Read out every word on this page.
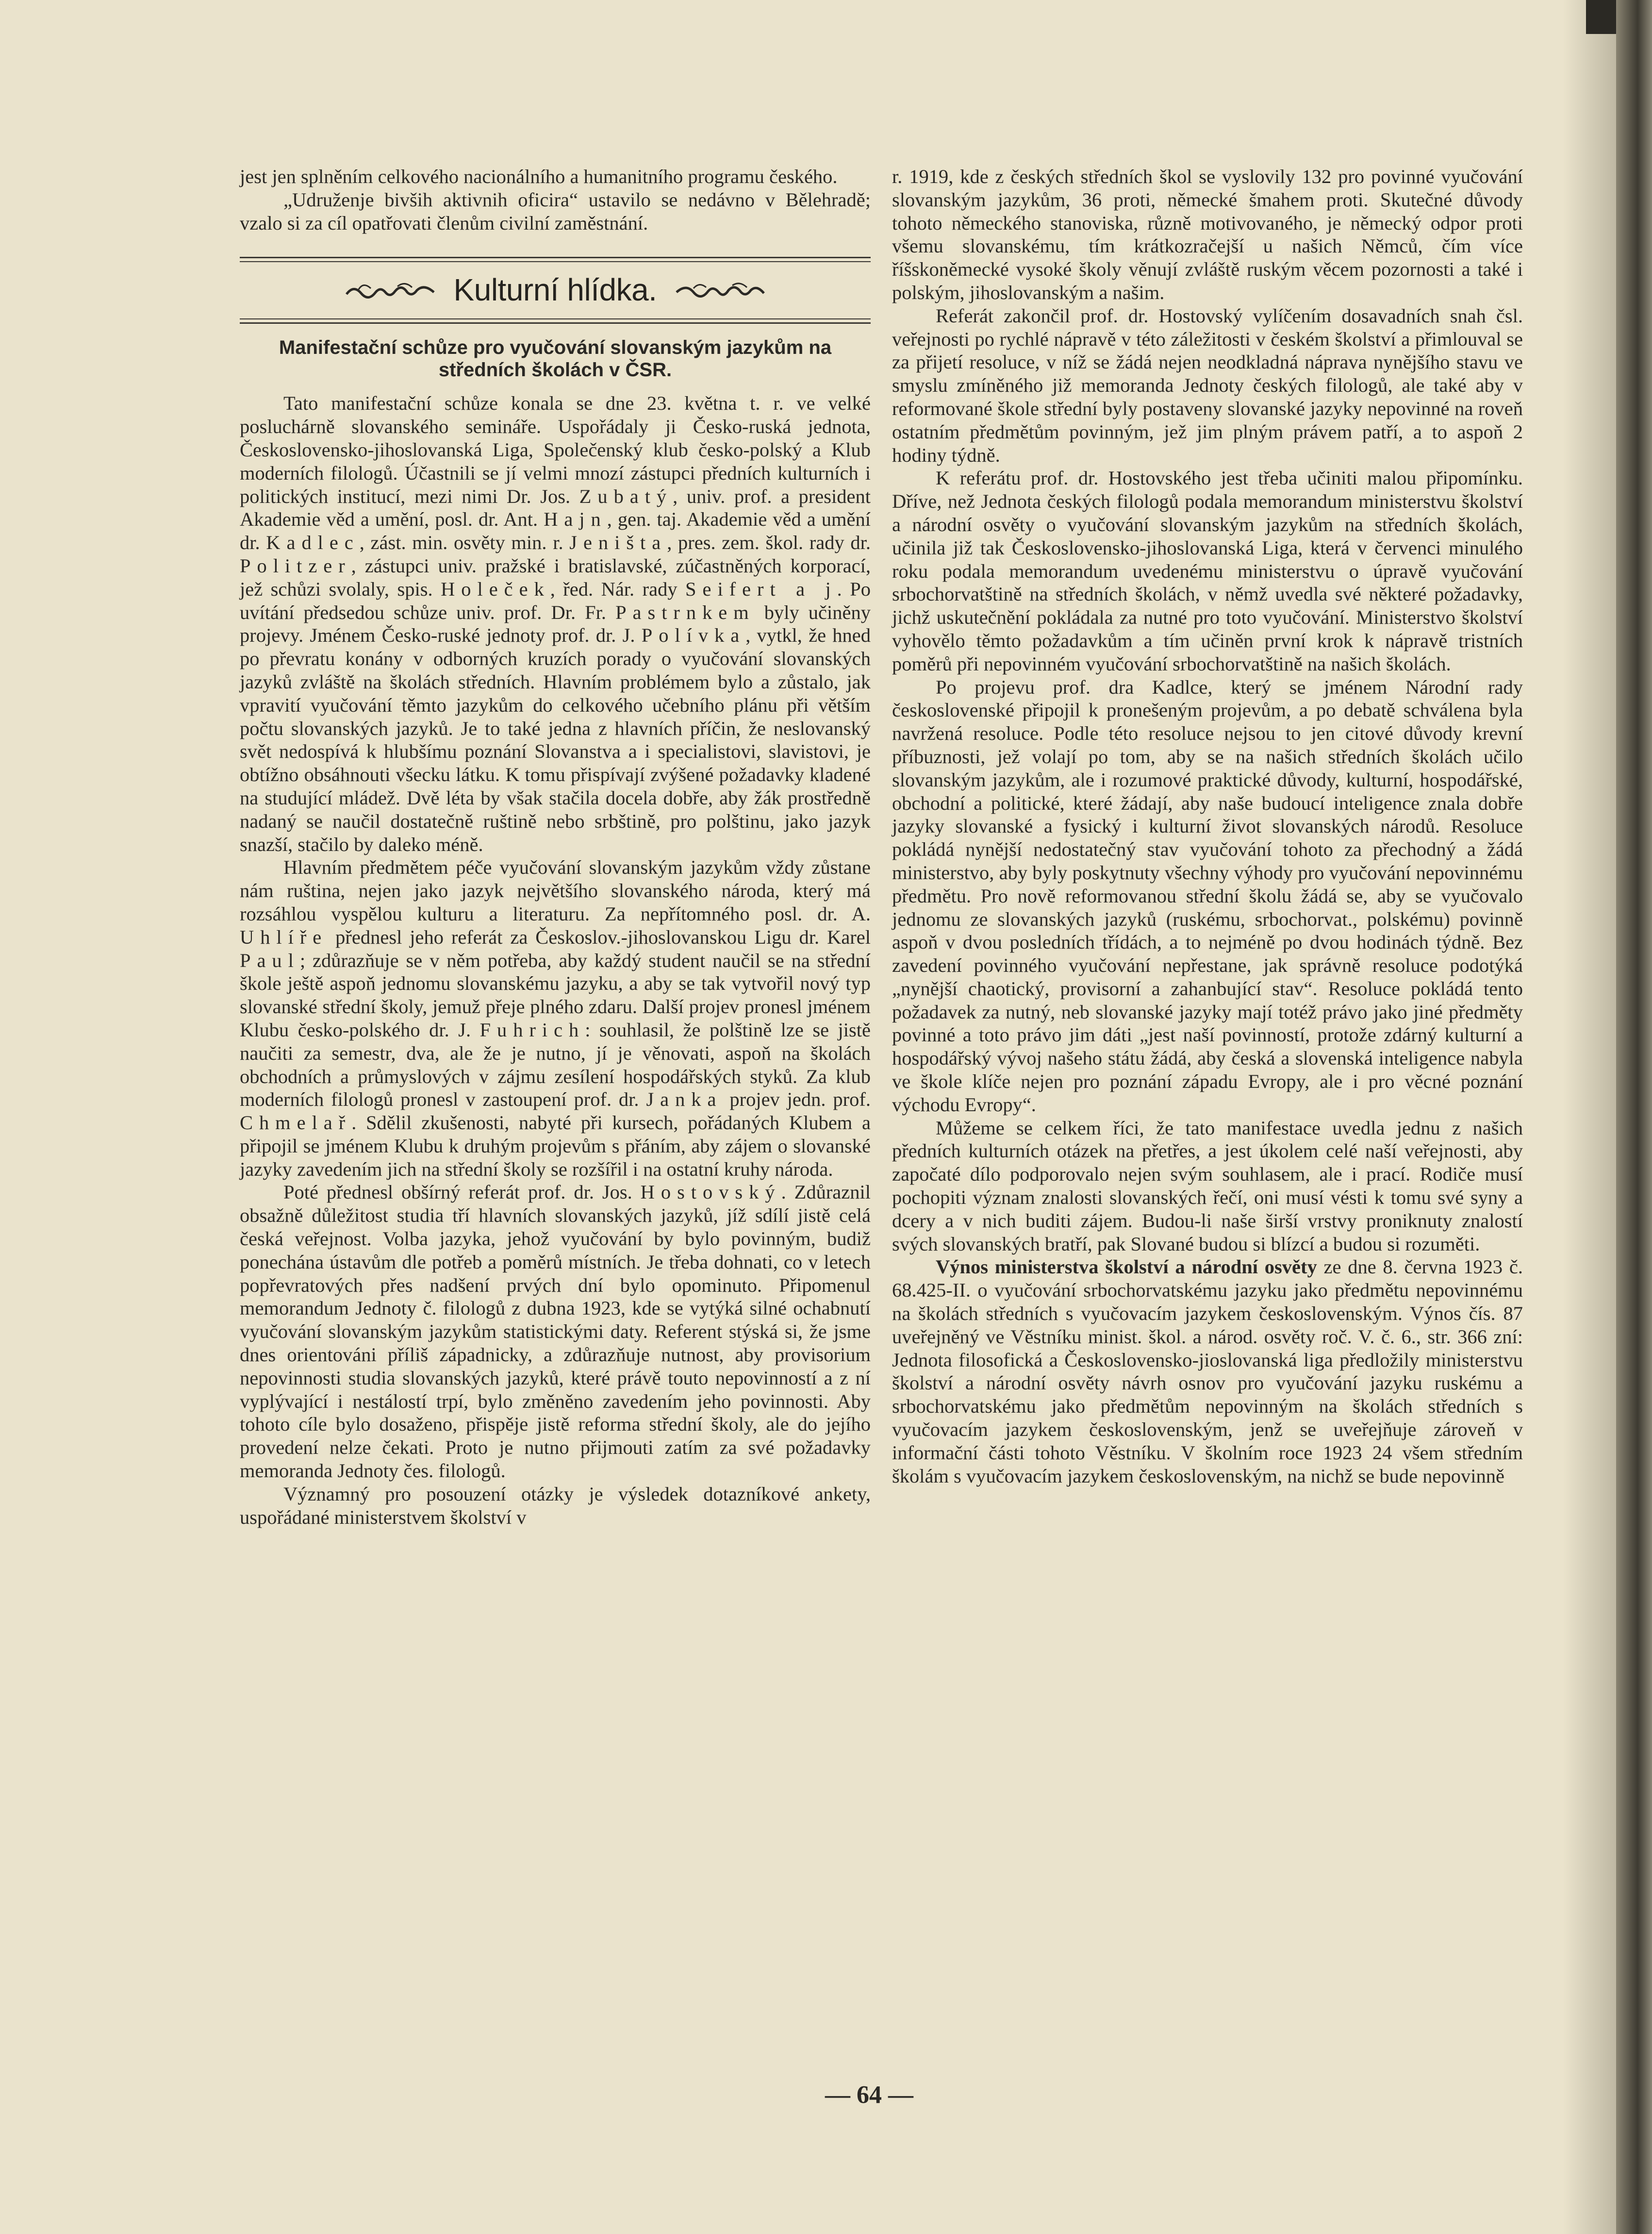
jest jen splněním celkového nacionálního a humanitního programu českého.

„Udruženje bivših aktivnih oficira“ ustavilo se nedávno v Bělehradě; vzalo si za cíl opatřovati členům civilní zaměstnání.

Kulturní hlídka.
Manifestační schůze pro vyučování slovanským jazykům na středních školách v ČSR.

Tato manifestační schůze konala se dne 23. května t. r. ve velké posluchárně slovanského semináře. Uspořádaly ji Česko-ruská jednota, Československo-jihoslovanská Liga, Společenský klub česko-polský a Klub moderních filologů. Účastnili se jí velmi mnozí zástupci předních kulturních i politických institucí, mezi nimi Dr. Jos. Zubatý, univ. prof. a president Akademie věd a umění, posl. dr. Ant. Hajn, gen. taj. Akademie věd a umění dr. Kadlec, zást. min. osvěty min. r. Jeništa, pres. zem. škol. rady dr. Politzer, zástupci univ. pražské i bratislavské, zúčastněných korporací, jež schůzi svolaly, spis. Holeček, řed. Nár. rady Seifert a j. Po uvítání předsedou schůze univ. prof. Dr. Fr. Pastrnkem byly učiněny projevy. Jménem Česko-ruské jednoty prof. dr. J. Polívka, vytkl, že hned po převratu konány v odborných kruzích porady o vyučování slovanských jazyků zvláště na školách středních. Hlavním problémem bylo a zůstalo, jak vpravití vyučování těmto jazykům do celkového učebního plánu při větším počtu slovanských jazyků. Je to také jedna z hlavních příčin, že neslovanský svět nedospívá k hlubšímu poznání Slovanstva a i specialistovi, slavistovi, je obtížno obsáhnouti všecku látku. K tomu přispívají zvýšené požadavky kladené na studující mládež. Dvě léta by však stačila docela dobře, aby žák prostředně nadaný se naučil dostatečně ruštině nebo srbštině, pro polštinu, jako jazyk snazší, stačilo by daleko méně.

Hlavním předmětem péče vyučování slovanským jazykům vždy zůstane nám ruština, nejen jako jazyk největšího slovanského národa, který má rozsáhlou vyspělou kulturu a literaturu. Za nepřítomného posl. dr. A. Uhlíře přednesl jeho referát za Českoslov.-jihoslovanskou Ligu dr. Karel Paul; zdůrazňuje se v něm potřeba, aby každý student naučil se na střední škole ještě aspoň jednomu slovanskému jazyku, a aby se tak vytvořil nový typ slovanské střední školy, jemuž přeje plného zdaru. Další projev pronesl jménem Klubu česko-polského dr. J. Fuhrich: souhlasil, že polštině lze se jistě naučiti za semestr, dva, ale že je nutno, jí je věnovati, aspoň na školách obchodních a průmyslových v zájmu zesílení hospodářských styků. Za klub moderních filologů pronesl v zastoupení prof. dr. Janka projev jedn. prof. Chmelař. Sdělil zkušenosti, nabyté při kursech, pořádaných Klubem a připojil se jménem Klubu k druhým projevům s přáním, aby zájem o slovanské jazyky zavedením jich na střední školy se rozšířil i na ostatní kruhy národa.

Poté přednesl obšírný referát prof. dr. Jos. Hostovský. Zdůraznil obsažně důležitost studia tří hlavních slovanských jazyků, jíž sdílí jistě celá česká veřejnost. Volba jazyka, jehož vyučování by bylo povinným, budiž ponechána ústavům dle potřeb a poměrů místních. Je třeba dohnati, co v letech popřevratových přes nadšení prvých dní bylo opominuto. Připomenul memorandum Jednoty č. filologů z dubna 1923, kde se vytýká silné ochabnutí vyučování slovanským jazykům statistickými daty. Referent stýská si, že jsme dnes orientováni příliš západnicky, a zdůrazňuje nutnost, aby provisorium nepovinnosti studia slovanských jazyků, které právě touto nepovinností a z ní vyplývající i nestálostí trpí, bylo změněno zavedením jeho povinnosti. Aby tohoto cíle bylo dosaženo, přispěje jistě reforma střední školy, ale do jejího provedení nelze čekati. Proto je nutno přijmouti zatím za své požadavky memoranda Jednoty čes. filologů.

Významný pro posouzení otázky je výsledek dotazníkové ankety, uspořádané ministerstvem školství v

r. 1919, kde z českých středních škol se vyslovily 132 pro povinné vyučování slovanským jazykům, 36 proti, německé šmahem proti. Skutečné důvody tohoto německého stanoviska, různě motivovaného, je německý odpor proti všemu slovanskému, tím krátkozračejší u našich Němců, čím více říšskoněmecké vysoké školy věnují zvláště ruským věcem pozornosti a také i polským, jihoslovanským a našim.

Referát zakončil prof. dr. Hostovský vylíčením dosavadních snah čsl. veřejnosti po rychlé nápravě v této záležitosti v českém školství a přimlouval se za přijetí resoluce, v níž se žádá nejen neodkladná náprava nynějšího stavu ve smyslu zmíněného již memoranda Jednoty českých filologů, ale také aby v reformované škole střední byly postaveny slovanské jazyky nepovinné na roveň ostatním předmětům povinným, jež jim plným právem patří, a to aspoň 2 hodiny týdně.

K referátu prof. dr. Hostovského jest třeba učiniti malou připomínku. Dříve, než Jednota českých filologů podala memorandum ministerstvu školství a národní osvěty o vyučování slovanským jazykům na středních školách, učinila již tak Československo-jihoslovanská Liga, která v červenci minulého roku podala memorandum uvedenému ministerstvu o úpravě vyučování srbochorvatštině na středních školách, v němž uvedla své některé požadavky, jichž uskutečnění pokládala za nutné pro toto vyučování. Ministerstvo školství vyhovělo těmto požadavkům a tím učiněn první krok k nápravě tristních poměrů při nepovinném vyučování srbochorvatštině na našich školách.

Po projevu prof. dra Kadlce, který se jménem Národní rady československé připojil k pronešeným projevům, a po debatě schválena byla navržená resoluce. Podle této resoluce nejsou to jen citové důvody krevní příbuznosti, jež volají po tom, aby se na našich středních školách učilo slovanským jazykům, ale i rozumové praktické důvody, kulturní, hospodářské, obchodní a politické, které žádají, aby naše budoucí inteligence znala dobře jazyky slovanské a fysický i kulturní život slovanských národů. Resoluce pokládá nynější nedostatečný stav vyučování tohoto za přechodný a žádá ministerstvo, aby byly poskytnuty všechny výhody pro vyučování nepovinnému předmětu. Pro nově reformovanou střední školu žádá se, aby se vyučovalo jednomu ze slovanských jazyků (ruskému, srbochorvat., polskému) povinně aspoň v dvou posledních třídách, a to nejméně po dvou hodinách týdně. Bez zavedení povinného vyučování nepřestane, jak správně resoluce podotýká „nynější chaotický, provisorní a zahanbující stav“. Resoluce pokládá tento požadavek za nutný, neb slovanské jazyky mají totéž právo jako jiné předměty povinné a toto právo jim dáti „jest naší povinností, protože zdárný kulturní a hospodářský vývoj našeho státu žádá, aby česká a slovenská inteligence nabyla ve škole klíče nejen pro poznání západu Evropy, ale i pro věcné poznání východu Evropy“.

Můžeme se celkem říci, že tato manifestace uvedla jednu z našich předních kulturních otázek na přetřes, a jest úkolem celé naší veřejnosti, aby započaté dílo podporovalo nejen svým souhlasem, ale i prací. Rodiče musí pochopiti význam znalosti slovanských řečí, oni musí vésti k tomu své syny a dcery a v nich buditi zájem. Budou-li naše širší vrstvy proniknuty znalostí svých slovanských bratří, pak Slované budou si blízcí a budou si rozuměti.

Výnos ministerstva školství a národní osvěty ze dne 8. června 1923 č. 68.425-II. o vyučování srbochorvatskému jazyku jako předmětu nepovinnému na školách středních s vyučovacím jazykem československým. Výnos čís. 87 uveřejněný ve Věstníku minist. škol. a národ. osvěty roč. V. č. 6., str. 366 zní: Jednota filosofická a Československo-jioslovanská liga předložily ministerstvu školství a národní osvěty návrh osnov pro vyučování jazyku ruskému a srbochorvatskému jako předmětům nepovinným na školách středních s vyučovacím jazykem československým, jenž se uveřejňuje zároveň v informační části tohoto Věstníku. V školním roce 1923 24 všem středním školám s vyučovacím jazykem československým, na nichž se bude nepovinně

— 64 —
